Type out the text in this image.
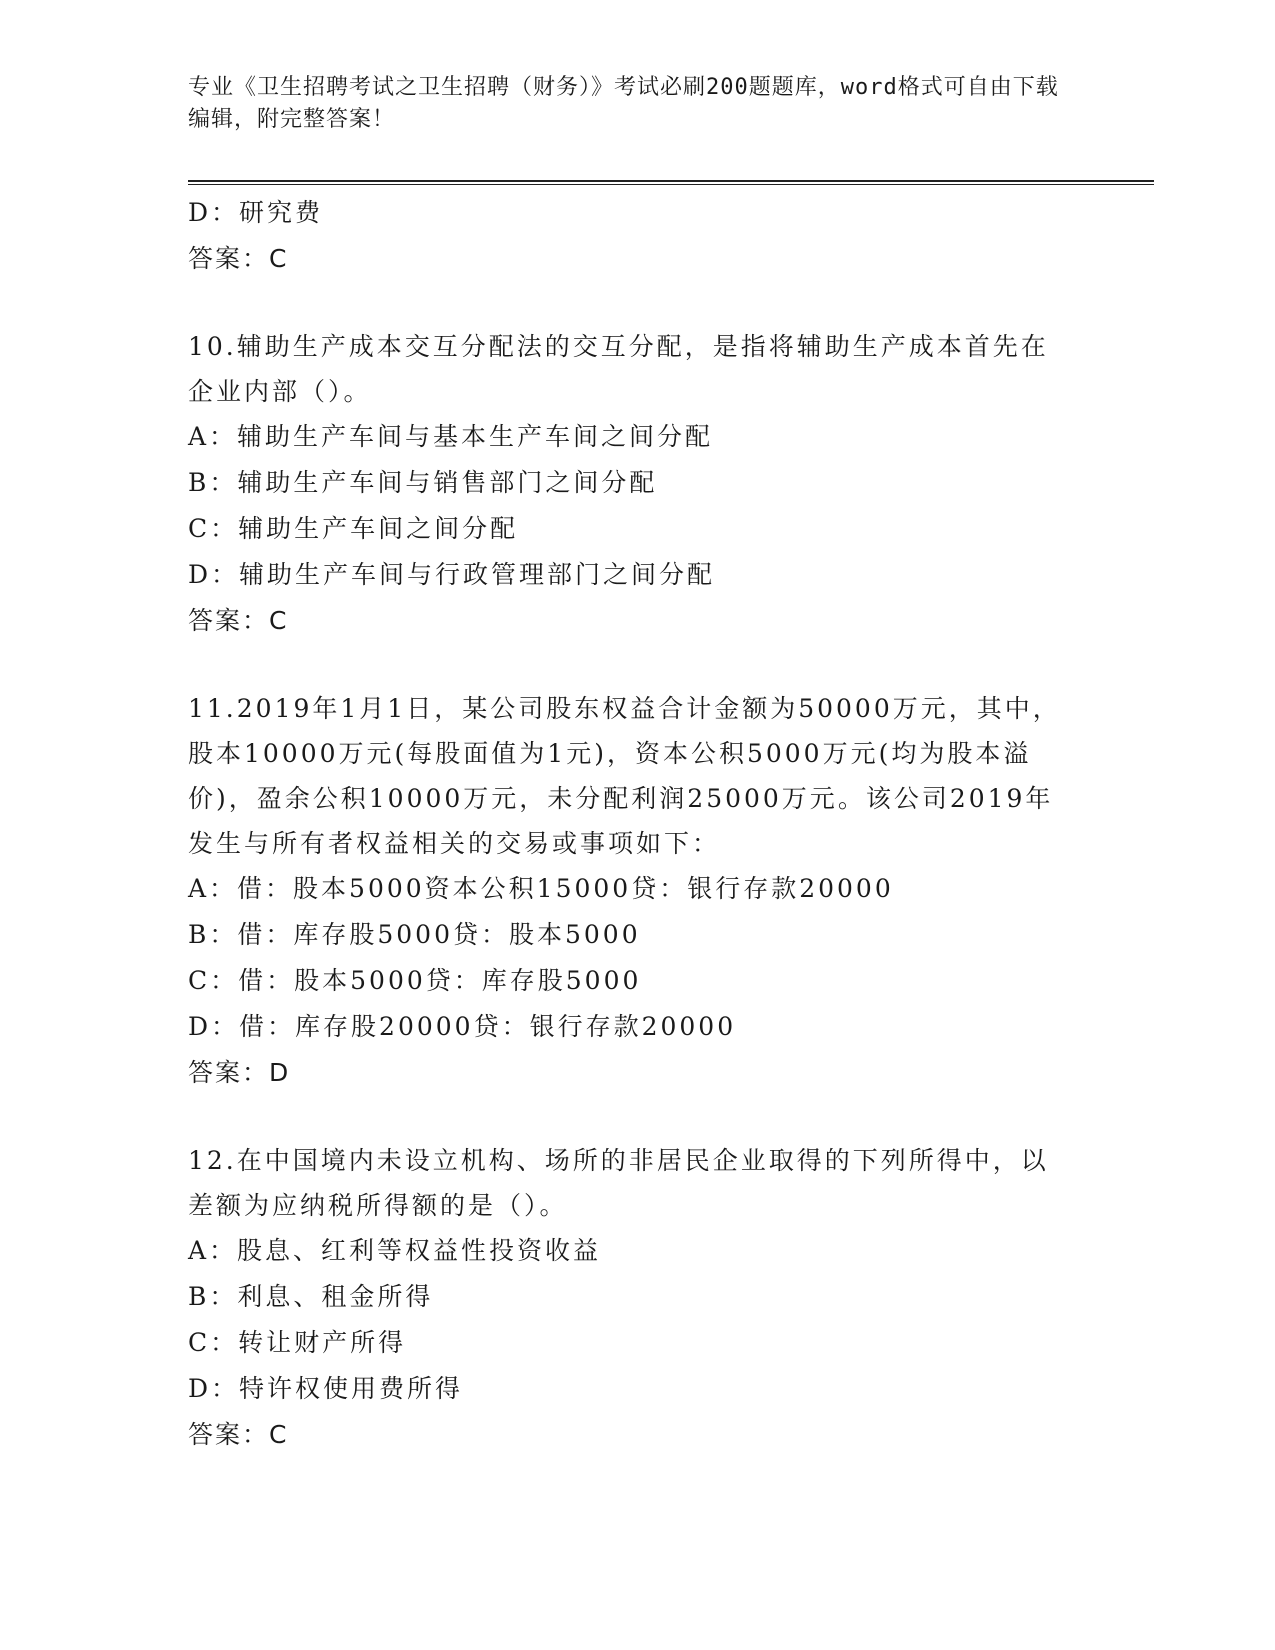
专业《卫生招聘考试之卫生招聘（财务）》考试必刷200题题库，word格式可自由下载编辑，附完整答案！
D：研究费
答案：C
10.辅助生产成本交互分配法的交互分配，是指将辅助生产成本首先在企业内部（）。
A：辅助生产车间与基本生产车间之间分配
B：辅助生产车间与销售部门之间分配
C：辅助生产车间之间分配
D：辅助生产车间与行政管理部门之间分配
答案：C
11.2019年1月1日，某公司股东权益合计金额为50000万元，其中，股本10000万元(每股面值为1元)，资本公积5000万元(均为股本溢价)，盈余公积10000万元，未分配利润25000万元。该公司2019年发生与所有者权益相关的交易或事项如下：
A：借：股本5000资本公积15000贷：银行存款20000
B：借：库存股5000贷：股本5000
C：借：股本5000贷：库存股5000
D：借：库存股20000贷：银行存款20000
答案：D
12.在中国境内未设立机构、场所的非居民企业取得的下列所得中，以差额为应纳税所得额的是（）。
A：股息、红利等权益性投资收益
B：利息、租金所得
C：转让财产所得
D：特许权使用费所得
答案：C
